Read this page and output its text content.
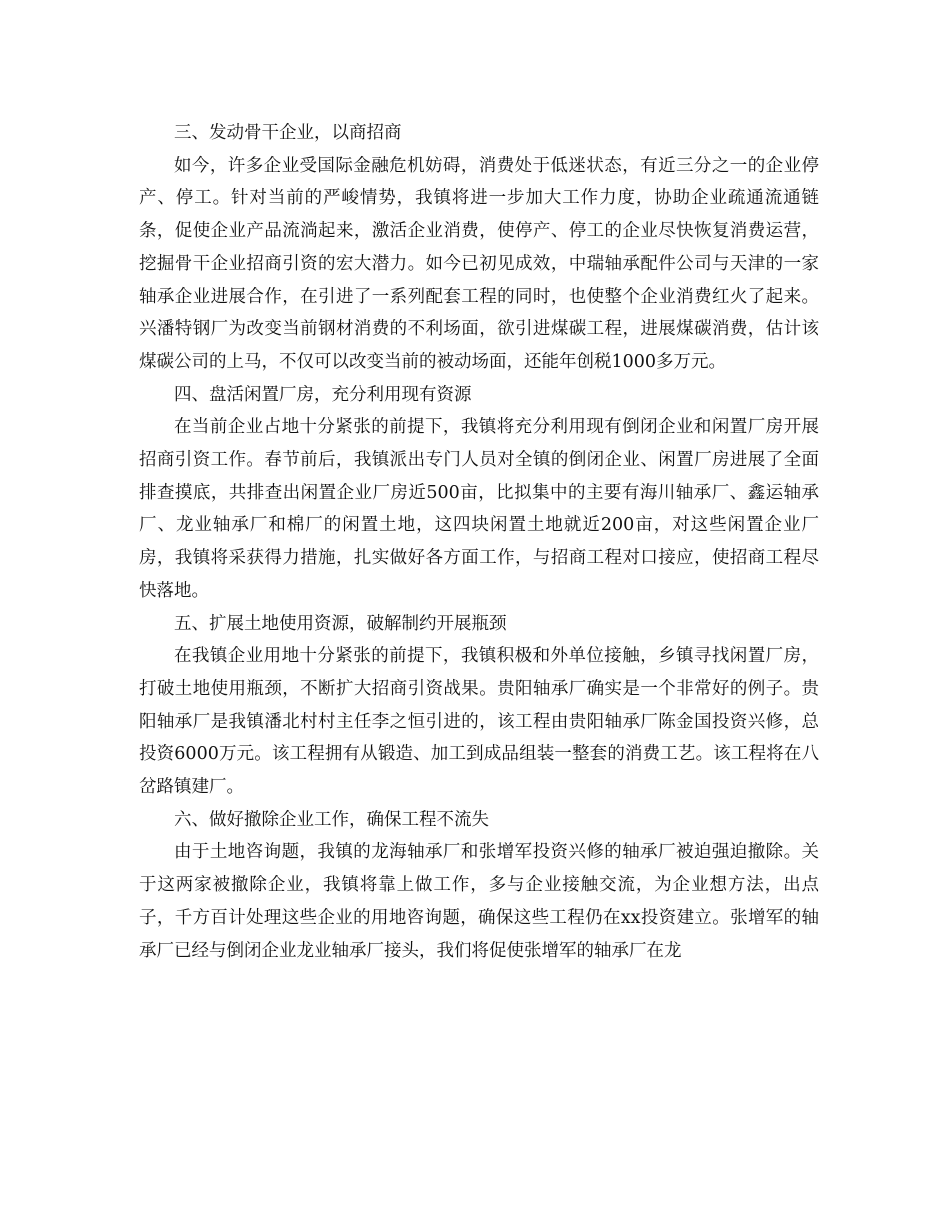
三、发动骨干企业，以商招商

如今，许多企业受国际金融危机妨碍，消费处于低迷状态，有近三分之一的企业停产、停工。针对当前的严峻情势，我镇将进一步加大工作力度，协助企业疏通流通链条，促使企业产品流淌起来，激活企业消费，使停产、停工的企业尽快恢复消费运营，挖掘骨干企业招商引资的宏大潜力。如今已初见成效，中瑞轴承配件公司与天津的一家轴承企业进展合作，在引进了一系列配套工程的同时，也使整个企业消费红火了起来。兴潘特钢厂为改变当前钢材消费的不利场面，欲引进煤碳工程，进展煤碳消费，估计该煤碳公司的上马，不仅可以改变当前的被动场面，还能年创税1000多万元。

四、盘活闲置厂房，充分利用现有资源

在当前企业占地十分紧张的前提下，我镇将充分利用现有倒闭企业和闲置厂房开展招商引资工作。春节前后，我镇派出专门人员对全镇的倒闭企业、闲置厂房进展了全面排查摸底，共排查出闲置企业厂房近500亩，比拟集中的主要有海川轴承厂、鑫运轴承厂、龙业轴承厂和棉厂的闲置土地，这四块闲置土地就近200亩，对这些闲置企业厂房，我镇将采获得力措施，扎实做好各方面工作，与招商工程对口接应，使招商工程尽快落地。

五、扩展土地使用资源，破解制约开展瓶颈

在我镇企业用地十分紧张的前提下，我镇积极和外单位接触，乡镇寻找闲置厂房，打破土地使用瓶颈，不断扩大招商引资战果。贵阳轴承厂确实是一个非常好的例子。贵阳轴承厂是我镇潘北村村主任李之恒引进的，该工程由贵阳轴承厂陈金国投资兴修，总投资6000万元。该工程拥有从锻造、加工到成品组装一整套的消费工艺。该工程将在八岔路镇建厂。

六、做好撤除企业工作，确保工程不流失

由于土地咨询题，我镇的龙海轴承厂和张增军投资兴修的轴承厂被迫强迫撤除。关于这两家被撤除企业，我镇将靠上做工作，多与企业接触交流，为企业想方法，出点子，千方百计处理这些企业的用地咨询题，确保这些工程仍在xx投资建立。张增军的轴承厂已经与倒闭企业龙业轴承厂接头，我们将促使张增军的轴承厂在龙
